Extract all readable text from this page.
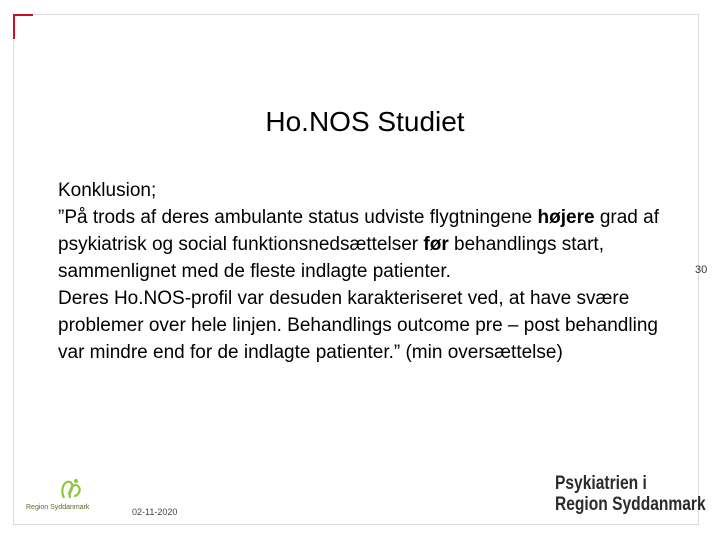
Ho.NOS Studiet

Konklusion;

”På trods af deres ambulante status udviste flygtningene højere grad af psykiatrisk og social funktionsnedsættelser før behandlings start, sammenlignet med de fleste indlagte patienter.

Deres Ho.NOS-profil var desuden karakteriseret ved, at have svære problemer over hele linjen. Behandlings outcome pre – post behandling var mindre end for de indlagte patienter.” (min oversættelse)

30
Region Syddanmark	02-11-2020
Psykiatrien i
Region Syddanmark
